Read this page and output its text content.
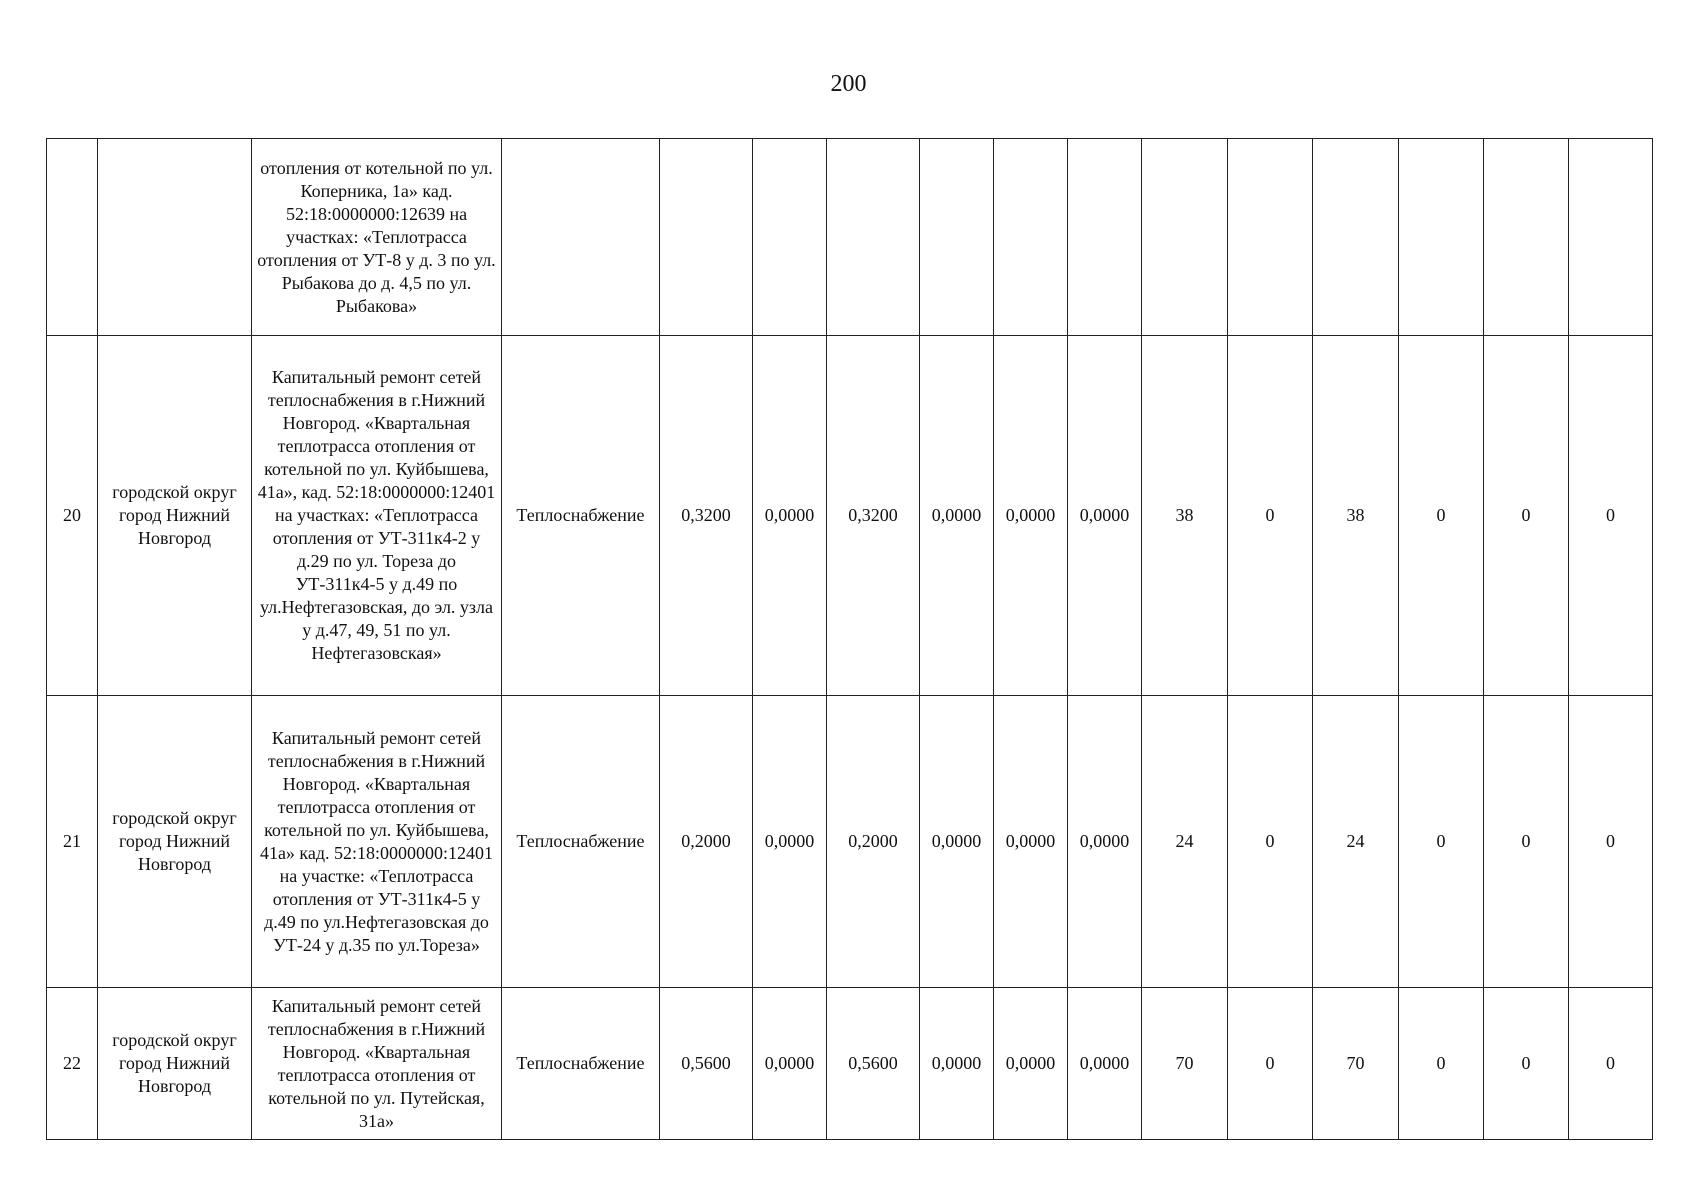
200
		отопления от котельной по ул. Коперника, 1а» кад. 52:18:0000000:12639 на участках: «Теплотрасса отопления от УТ-8 у д. 3 по ул. Рыбакова до д. 4,5 по ул. Рыбакова»													
20	городской округ город Нижний Новгород	Капитальный ремонт сетей теплоснабжения в г.Нижний Новгород. «Квартальная теплотрасса отопления от котельной по ул. Куйбышева, 41а», кад. 52:18:0000000:12401 на участках: «Теплотрасса отопления от УТ-311к4-2 у д.29 по ул. Тореза до УТ-311к4-5 у д.49 по ул.Нефтегазовская, до эл. узла у д.47, 49, 51 по ул. Нефтегазовская»	Теплоснабжение	0,3200	0,0000	0,3200	0,0000	0,0000	0,0000	38	0	38	0	0	0
21	городской округ город Нижний Новгород	Капитальный ремонт сетей теплоснабжения в г.Нижний Новгород. «Квартальная теплотрасса отопления от котельной по ул. Куйбышева, 41а» кад. 52:18:0000000:12401 на участке: «Теплотрасса отопления от УТ-311к4-5 у д.49 по ул.Нефтегазовская до УТ-24 у д.35 по ул.Тореза»	Теплоснабжение	0,2000	0,0000	0,2000	0,0000	0,0000	0,0000	24	0	24	0	0	0
22	городской округ город Нижний Новгород	Капитальный ремонт сетей теплоснабжения в г.Нижний Новгород. «Квартальная теплотрасса отопления от котельной по ул. Путейская, 31а»	Теплоснабжение	0,5600	0,0000	0,5600	0,0000	0,0000	0,0000	70	0	70	0	0	0
